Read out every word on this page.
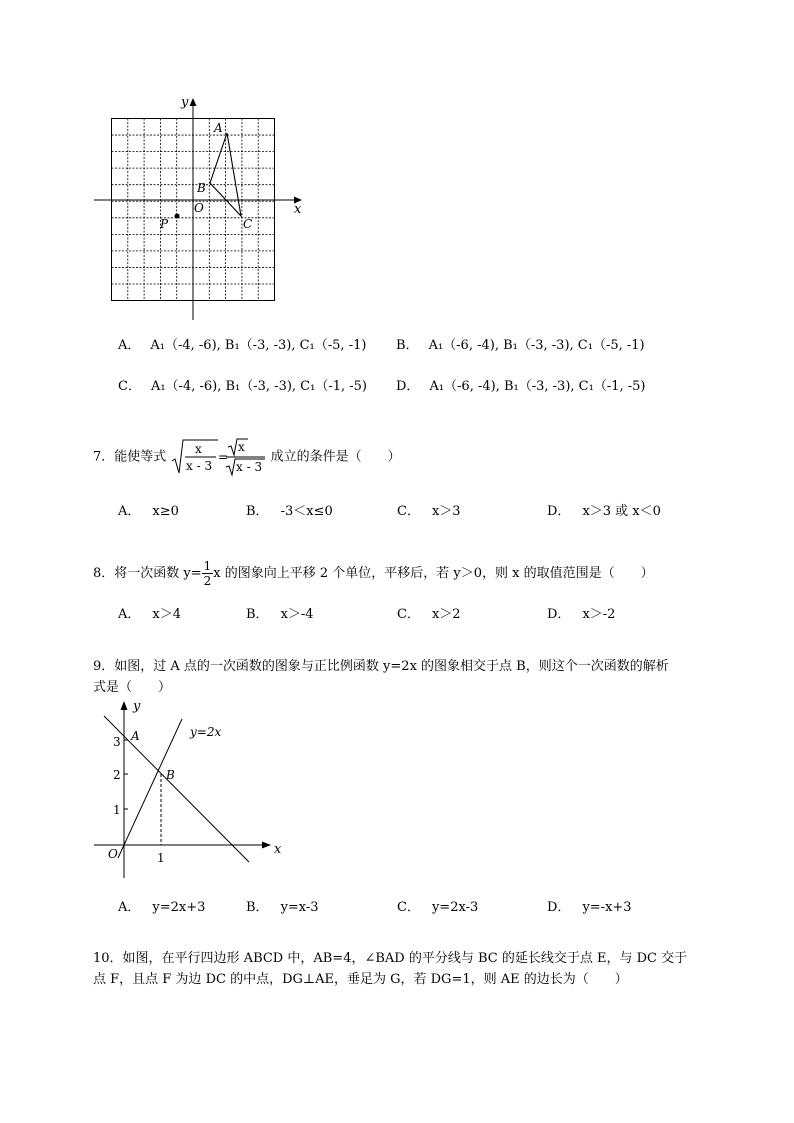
y
x
A
B
O
C
P
A． A₁（-4, -6), B₁（-3, -3), C₁（-5, -1) B． A₁（-6, -4), B₁（-3, -3), C₁（-5, -1)
C． A₁（-4, -6), B₁（-3, -3), C₁（-1, -5) D． A₁（-6, -4), B₁（-3, -3), C₁（-1, -5)
7．能使等式
x
x - 3
=
x
x - 3
成立的条件是（　　）
A． x≥0	B． -3＜x≤0	C． x＞3	D． x＞3 或 x＜0
8．将一次函数 $y= \frac{1}{2}$ x 的图象向上平移 2 个单位，平移后，若 y＞0，则 x 的取值范围是（　　）
A． x＞4	B． x＞-4	C． x＞2	D． x＞-2
9．如图，过 A 点的一次函数的图象与正比例函数 y=2x 的图象相交于点 B，则这个一次函数的解析
式是（　　）
y
y=2x
3 A
2	B
1
O	1
x
A． y=2x+3	B． y=x-3	C． y=2x-3	D． y=-x+3
10．如图，在平行四边形 ABCD 中，AB=4，∠BAD 的平分线与 BC 的延长线交于点 E，与 DC 交于
点 F，且点 F 为边 DC 的中点，DG⊥AE，垂足为 G，若 DG=1，则 AE 的边长为（　　）
